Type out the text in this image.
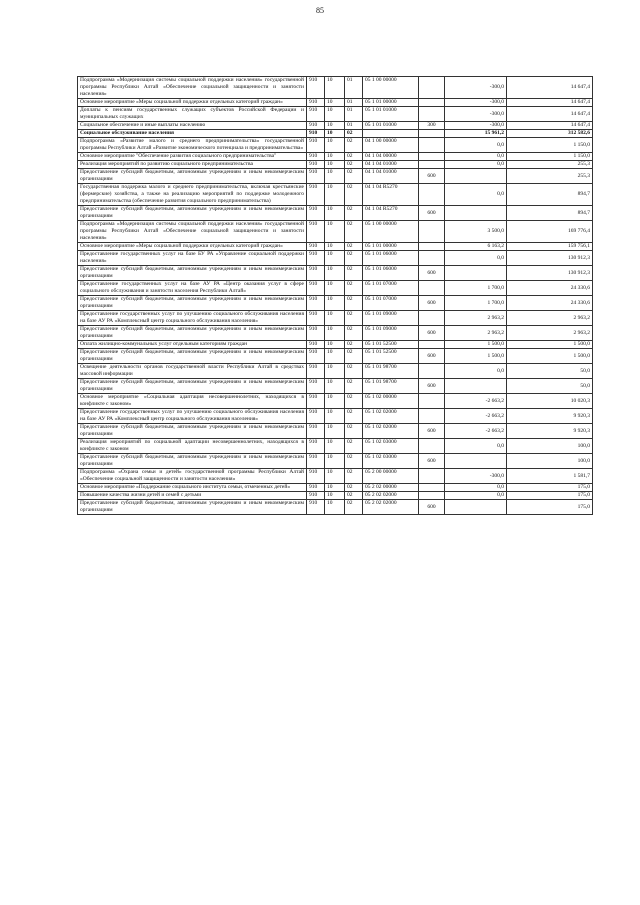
85
Подпрограмма «Модернизация системы социальной поддержки населения» государственной программы Республики Алтай «Обеспечение социальной защищенности и занятости населения»	910	10	01	05 1 00 00000		-300,0	14 647,4
Основное мероприятие «Меры социальной поддержки отдельных категорий граждан»	910	10	01	05 1 01 00000		-300,0	14 647,4
Доплаты к пенсиям государственных служащих субъектов Российской Федерации и муниципальных служащих	910	10	01	05 1 01 01000		-300,0	14 647,4
Социальное обеспечение и иные выплаты населению	910	10	01	05 1 01 01000	300	-300,0	14 647,4
Социальное обслуживание населения	910	10	02			15 961,2	312 582,6
Подпрограмма «Развитие малого и среднего предпринимательства» государственной программы Республики Алтай «Развитие экономического потенциала и предпринимательства»	910	10	02	04 1 00 00000		0,0	1 150,0
Основное мероприятие "Обеспечение развития социального предпринимательства"	910	10	02	04 1 04 00000		0,0	1 150,0
Реализация мероприятий по развитию социального предпринимательства	910	10	02	04 1 04 01000		0,0	255,3
Предоставление субсидий бюджетным, автономным учреждениям и иным некоммерческим организациям	910	10	02	04 1 04 01000	600		255,3
Государственная поддержка малого и среднего предпринимательства, включая крестьянские (фермерские) хозяйства, а также на реализацию мероприятий по поддержке молодежного предпринимательства (обеспечение развития социального предпринимательства)	910	10	02	04 1 04 R5270		0,0	894,7
Предоставление субсидий бюджетным, автономным учреждениям и иным некоммерческим организациям	910	10	02	04 1 04 R5270	600		894,7
Подпрограмма «Модернизация системы социальной поддержки населения» государственной программы Республики Алтай «Обеспечение социальной защищенности и занятости населения»	910	10	02	05 1 00 00000		3 500,0	169 776,4
Основное мероприятие «Меры социальной поддержки отдельных категорий граждан»	910	10	02	05 1 01 00000		6 163,2	159 756,1
Предоставление государственных услуг на базе БУ РА «Управление социальной поддержки населения»	910	10	02	05 1 01 06000		0,0	130 912,3
Предоставление субсидий бюджетным, автономным учреждениям и иным некоммерческим организациям	910	10	02	05 1 01 06000	600		130 912,3
Предоставление государственных услуг на базе АУ РА «Центр оказания услуг в сфере социального обслуживания и занятости населения Республики Алтай»	910	10	02	05 1 01 07000		1 700,0	24 330,6
Предоставление субсидий бюджетным, автономным учреждениям и иным некоммерческим организациям	910	10	02	05 1 01 07000	600	1 700,0	24 330,6
Предоставление государственных услуг по улучшению социального обслуживания населения на базе АУ РА «Комплексный центр социального обслуживания населения»	910	10	02	05 1 01 09000		2 963,2	2 963,2
Предоставление субсидий бюджетным, автономным учреждениям и иным некоммерческим организациям	910	10	02	05 1 01 09000	600	2 963,2	2 963,2
Оплата жилищно-коммунальных услуг отдельным категориям граждан	910	10	02	05 1 01 52500		1 500,0	1 500,0
Предоставление субсидий бюджетным, автономным учреждениям и иным некоммерческим организациям	910	10	02	05 1 01 52500	600	1 500,0	1 500,0
Освещение деятельности органов государственной власти Республики Алтай в средствах массовой информации	910	10	02	05 1 01 98700		0,0	50,0
Предоставление субсидий бюджетным, автономным учреждениям и иным некоммерческим организациям	910	10	02	05 1 01 98700	600		50,0
Основное мероприятие «Социальная адаптация несовершеннолетних, находящихся в конфликте с законом»	910	10	02	05 1 02 00000		-2 663,2	10 020,3
Предоставление государственных услуг по улучшению социального обслуживания населения на базе АУ РА «Комплексный центр социального обслуживания населения»	910	10	02	05 1 02 02000		-2 663,2	9 920,3
Предоставление субсидий бюджетным, автономным учреждениям и иным некоммерческим организациям	910	10	02	05 1 02 02000	600	-2 663,2	9 920,3
Реализация мероприятий по социальной адаптации несовершеннолетних, находящихся в конфликте с законом	910	10	02	05 1 02 03000		0,0	100,0
Предоставление субсидий бюджетным, автономным учреждениям и иным некоммерческим организациям	910	10	02	05 1 02 03000	600		100,0
Подпрограмма «Охрана семьи и детей» государственной программы Республики Алтай «Обеспечение социальной защищенности и занятости населения»	910	10	02	05 2 00 00000		-300,0	1 581,7
Основное мероприятие «Поддержание социального института семьи, отмеченных детей»	910	10	02	05 2 02 00000		0,0	175,0
Повышение качества жизни детей и семей с детьми	910	10	02	05 2 02 02000		0,0	175,0
Предоставление субсидий бюджетным, автономным учреждениям и иным некоммерческим организациям	910	10	02	05 2 02 02000	600		175,0
